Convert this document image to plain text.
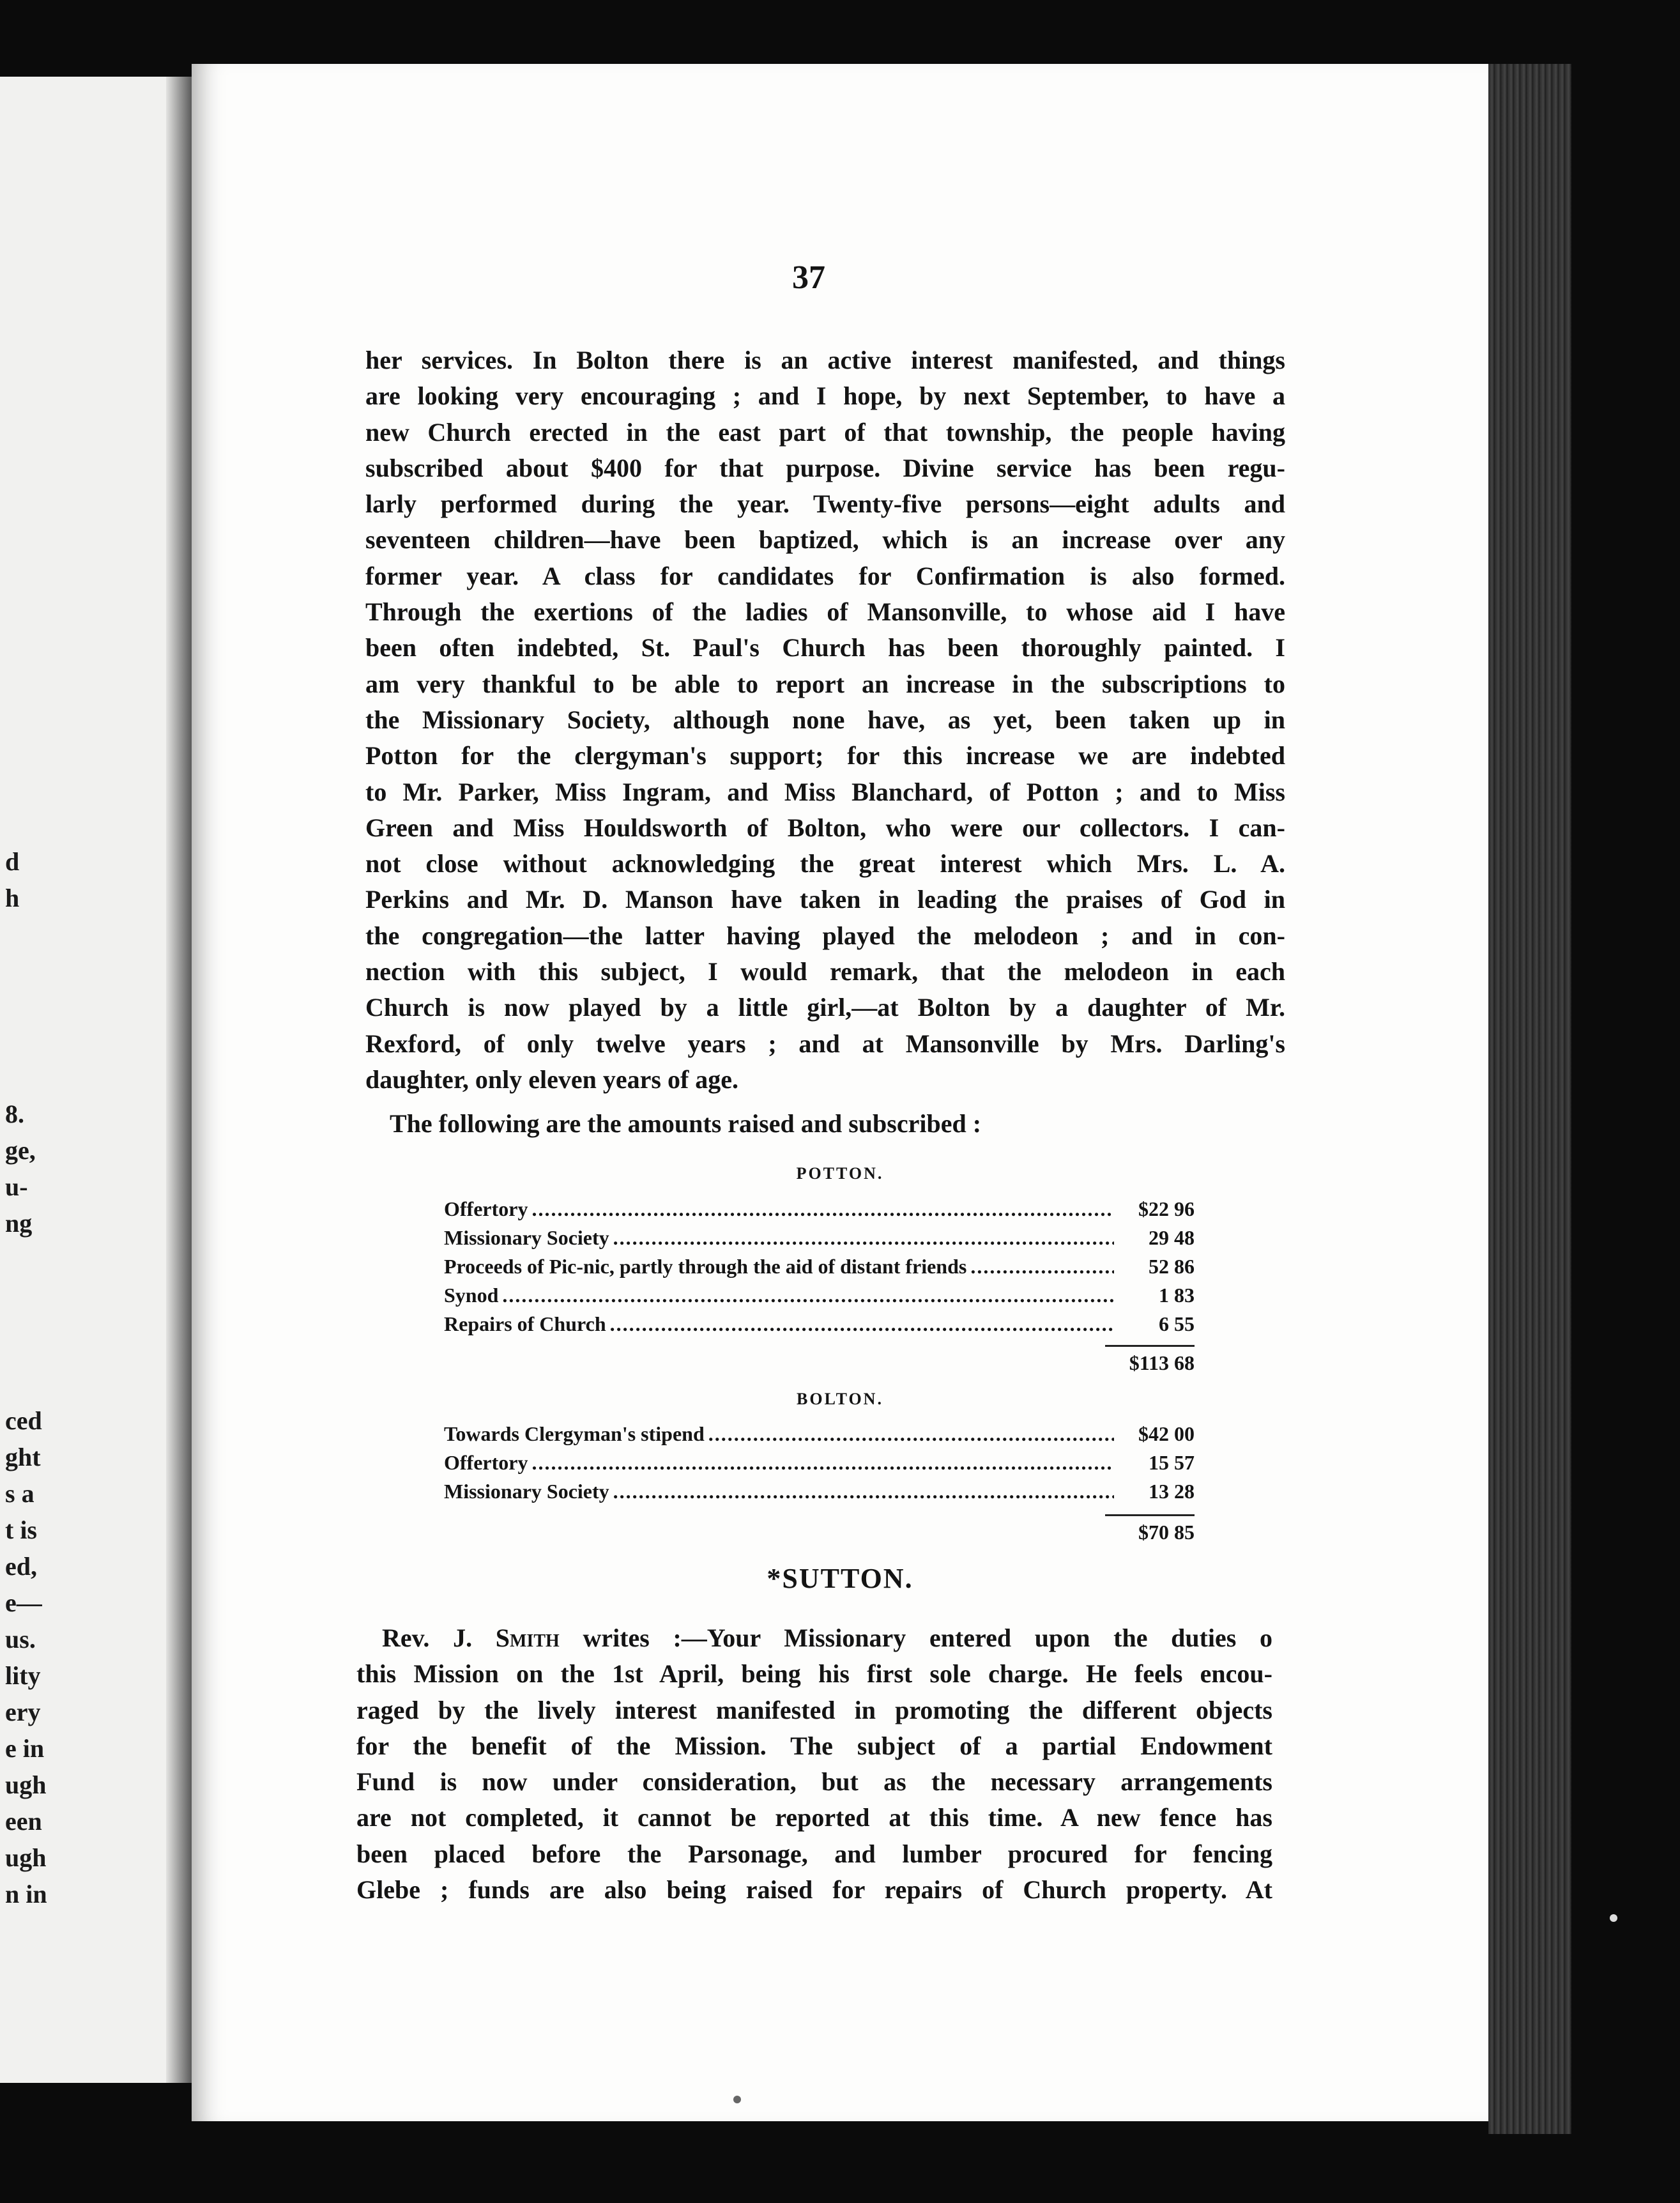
d
h
8.
ge,
u-
ng
ced
ght
s a
t is
ed,
e—
us.
lity
ery
e in
ugh
een
ugh
n in
37
her services. In Bolton there is an active interest manifested, and things
are looking very encouraging ; and I hope, by next September, to have a
new Church erected in the east part of that township, the people having
subscribed about $400 for that purpose. Divine service has been regu-
larly performed during the year. Twenty-five persons—eight adults and
seventeen children—have been baptized, which is an increase over any
former year. A class for candidates for Confirmation is also formed.
Through the exertions of the ladies of Mansonville, to whose aid I have
been often indebted, St. Paul's Church has been thoroughly painted. I
am very thankful to be able to report an increase in the subscriptions to
the Missionary Society, although none have, as yet, been taken up in
Potton for the clergyman's support; for this increase we are indebted
to Mr. Parker, Miss Ingram, and Miss Blanchard, of Potton ; and to Miss
Green and Miss Houldsworth of Bolton, who were our collectors. I can-
not close without acknowledging the great interest which Mrs. L. A.
Perkins and Mr. D. Manson have taken in leading the praises of God in
the congregation—the latter having played the melodeon ; and in con-
nection with this subject, I would remark, that the melodeon in each
Church is now played by a little girl,—at Bolton by a daughter of Mr.
Rexford, of only twelve years ; and at Mansonville by Mrs. Darling's
daughter, only eleven years of age.
The following are the amounts raised and subscribed :
POTTON.
Offertory .....	$22 96
Missionary Society .....	29 48
Proceeds of Pic-nic, partly through the aid of distant friends .....	52 86
Synod .....	1 83
Repairs of Church .....	6 55
$113 68
BOLTON.
Towards Clergyman's stipend .....	$42 00
Offertory .....	15 57
Missionary Society .....	13 28
$70 85
*SUTTON.
Rev. J. Smith writes :—Your Missionary entered upon the duties o
this Mission on the 1st April, being his first sole charge. He feels encou-
raged by the lively interest manifested in promoting the different objects
for the benefit of the Mission. The subject of a partial Endowment
Fund is now under consideration, but as the necessary arrangements
are not completed, it cannot be reported at this time. A new fence has
been placed before the Parsonage, and lumber procured for fencing
Glebe ; funds are also being raised for repairs of Church property. At
